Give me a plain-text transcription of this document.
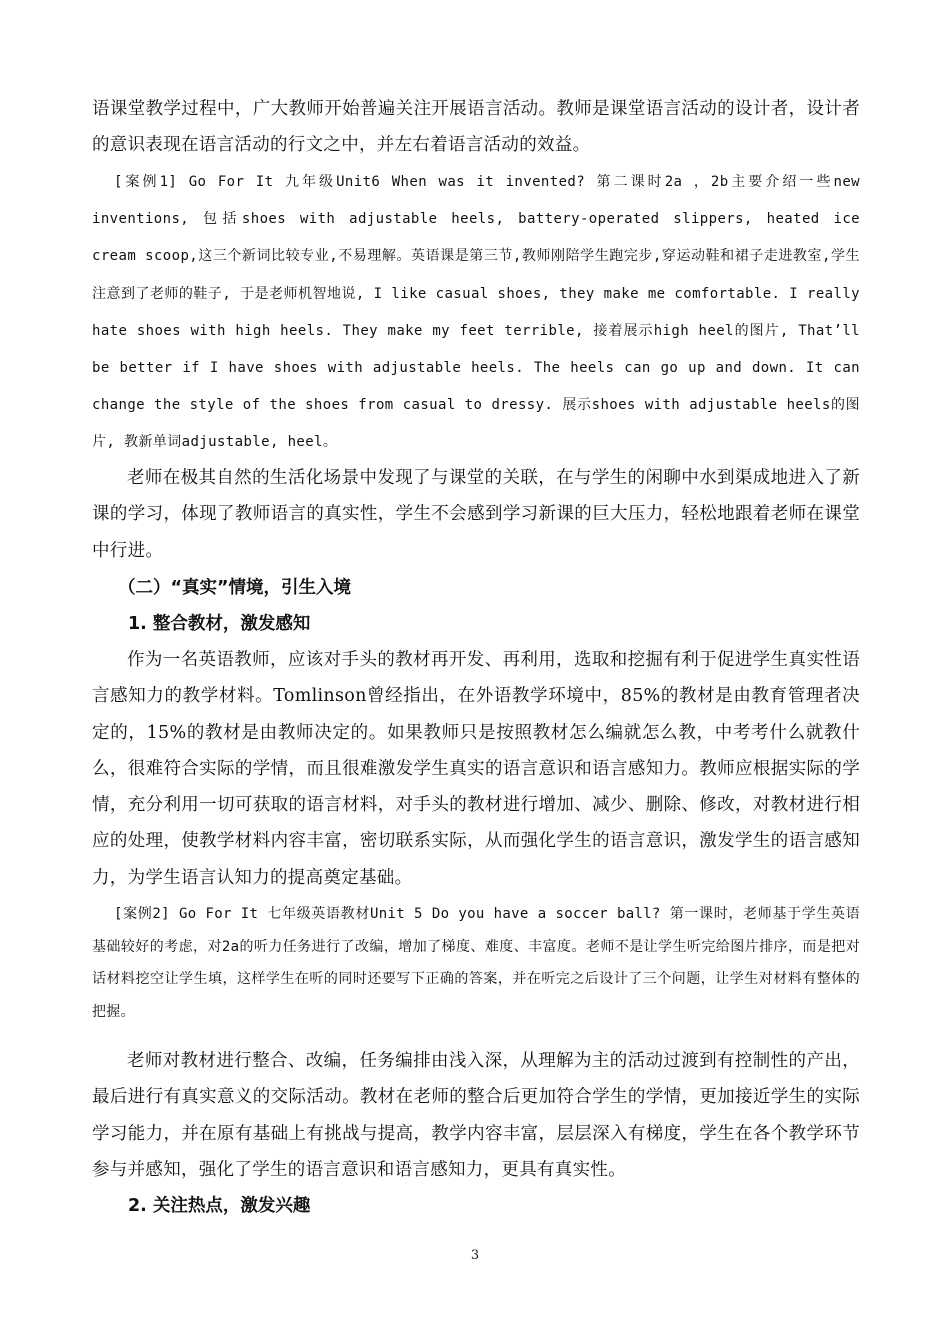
语课堂教学过程中，广大教师开始普遍关注开展语言活动。教师是课堂语言活动的设计者，设计者的意识表现在语言活动的行文之中，并左右着语言活动的效益。

[案例1] Go For It 九年级Unit6 When was it invented? 第二课时2a ，2b主要介绍一些new inventions, 包括shoes with adjustable heels, battery-operated slippers, heated ice cream scoop,这三个新词比较专业,不易理解。英语课是第三节,教师刚陪学生跑完步,穿运动鞋和裙子走进教室,学生注意到了老师的鞋子, 于是老师机智地说, I like casual shoes, they make me comfortable. I really hate shoes with high heels. They make my feet terrible, 接着展示high heel的图片, That’ll be better if I have shoes with adjustable heels. The heels can go up and down. It can change the style of the shoes from casual to dressy. 展示shoes with adjustable heels的图片, 教新单词adjustable, heel。

老师在极其自然的生活化场景中发现了与课堂的关联，在与学生的闲聊中水到渠成地进入了新课的学习，体现了教师语言的真实性，学生不会感到学习新课的巨大压力，轻松地跟着老师在课堂中行进。

（二）“真实”情境，引生入境

1. 整合教材，激发感知

作为一名英语教师，应该对手头的教材再开发、再利用，选取和挖掘有利于促进学生真实性语言感知力的教学材料。Tomlinson曾经指出，在外语教学环境中，85%的教材是由教育管理者决定的，15%的教材是由教师决定的。如果教师只是按照教材怎么编就怎么教，中考考什么就教什么，很难符合实际的学情，而且很难激发学生真实的语言意识和语言感知力。教师应根据实际的学情，充分利用一切可获取的语言材料，对手头的教材进行增加、减少、删除、修改，对教材进行相应的处理，使教学材料内容丰富，密切联系实际，从而强化学生的语言意识，激发学生的语言感知力，为学生语言认知力的提高奠定基础。

[案例2] Go For It 七年级英语教材Unit 5 Do you have a soccer ball? 第一课时，老师基于学生英语基础较好的考虑，对2a的听力任务进行了改编，增加了梯度、难度、丰富度。老师不是让学生听完给图片排序，而是把对话材料挖空让学生填，这样学生在听的同时还要写下正确的答案，并在听完之后设计了三个问题，让学生对材料有整体的把握。

老师对教材进行整合、改编，任务编排由浅入深，从理解为主的活动过渡到有控制性的产出，最后进行有真实意义的交际活动。教材在老师的整合后更加符合学生的学情，更加接近学生的实际学习能力，并在原有基础上有挑战与提高，教学内容丰富，层层深入有梯度，学生在各个教学环节参与并感知，强化了学生的语言意识和语言感知力，更具有真实性。

2. 关注热点，激发兴趣

3
